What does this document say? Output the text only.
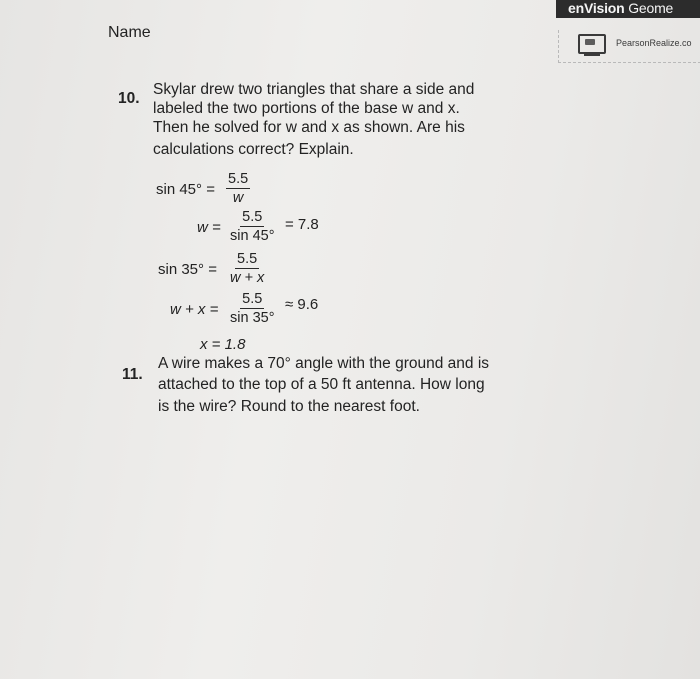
Name
enVision Geome
PearsonRealize.co
10.
Skylar drew two triangles that share a side and
labeled the two portions of the base w and x.
Then he solved for w and x as shown. Are his
calculations correct? Explain.
$\sin 45^\circ = \frac{5.5}{w}$
$w = \frac{5.5}{\sin 45^\circ} = 7.8$
$\sin 35^\circ = \frac{5.5}{w + x}$
$w + x = \frac{5.5}{\sin 35^\circ} \approx 9.6$
x = 1.8
11.
A wire makes a 70° angle with the ground and is
attached to the top of a 50 ft antenna. How long
is the wire? Round to the nearest foot.
